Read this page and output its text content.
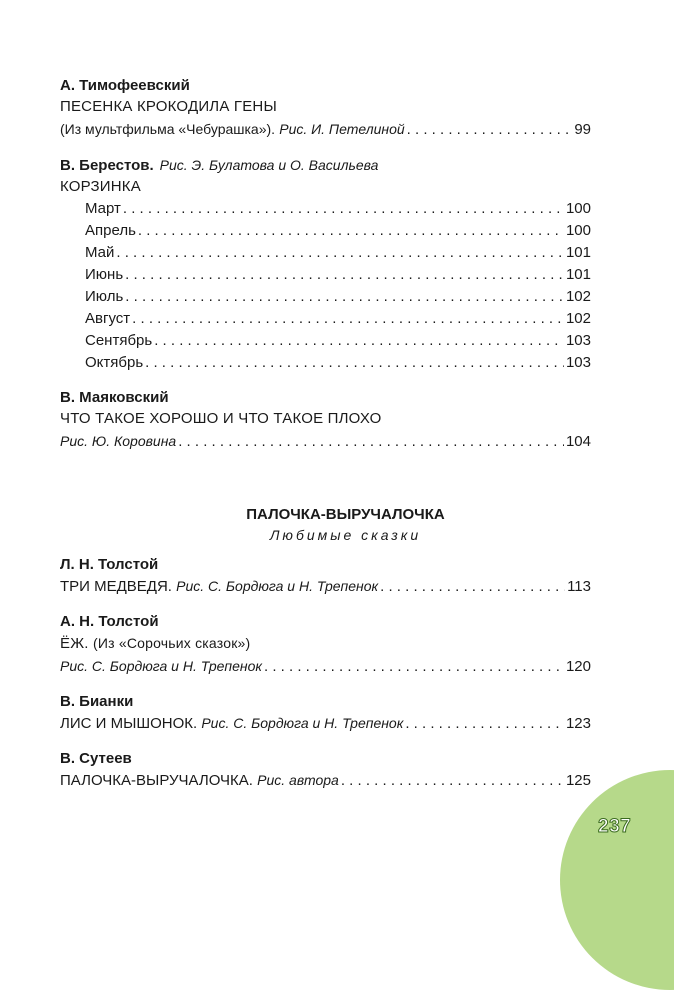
237
А. Тимофеевский
ПЕСЕНКА КРОКОДИЛА ГЕНЫ
(Из мультфильма «Чебурашка»). Рис. И. Петелиной . . .	99
В. Берестов. Рис. Э. Булатова и О. Васильева
КОРЗИНКА
Март . . .	100
Апрель . . .	100
Май . . .	101
Июнь . . .	101
Июль . . .	102
Август . . .	102
Сентябрь . . .	103
Октябрь . . .	103
В. Маяковский
ЧТО ТАКОЕ ХОРОШО И ЧТО ТАКОЕ ПЛОХО
Рис. Ю. Коровина . . .	104
ПАЛОЧКА-ВЫРУЧАЛОЧКА
Любимые сказки
Л. Н. Толстой
ТРИ МЕДВЕДЯ. Рис. С. Бордюга и Н. Трепенок . . .	113
А. Н. Толстой
ЁЖ. (Из «Сорочьих сказок»)
Рис. С. Бордюга и Н. Трепенок . . .	120
В. Бианки
ЛИС И МЫШОНОК. Рис. С. Бордюга и Н. Трепенок . . .	123
В. Сутеев
ПАЛОЧКА-ВЫРУЧАЛОЧКА. Рис. автора . . .	125
